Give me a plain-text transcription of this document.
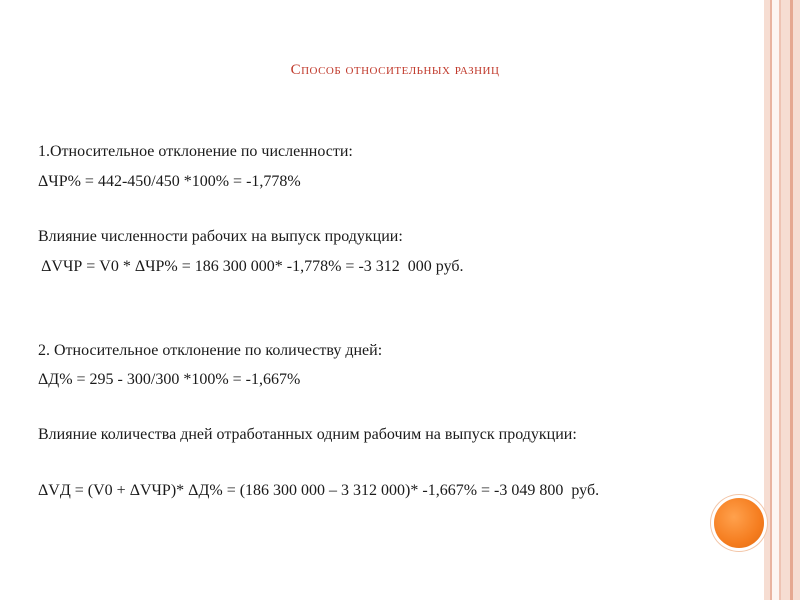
Способ относительных разниц
1.Относительное отклонение по численности:
ΔЧР% = 442-450/450 *100% = -1,778%
Влияние численности рабочих на выпуск продукции:
ΔVЧР = V0 * ΔЧР% = 186 300 000* -1,778% = -3 312  000 руб.
2. Относительное отклонение по количеству дней:
ΔД% = 295 - 300/300 *100% = -1,667%
Влияние количества дней отработанных одним рабочим на выпуск продукции:
ΔVД = (V0 + ΔVЧР)* ΔД% = (186 300 000 – 3 312 000)* -1,667% = -3 049 800  руб.
